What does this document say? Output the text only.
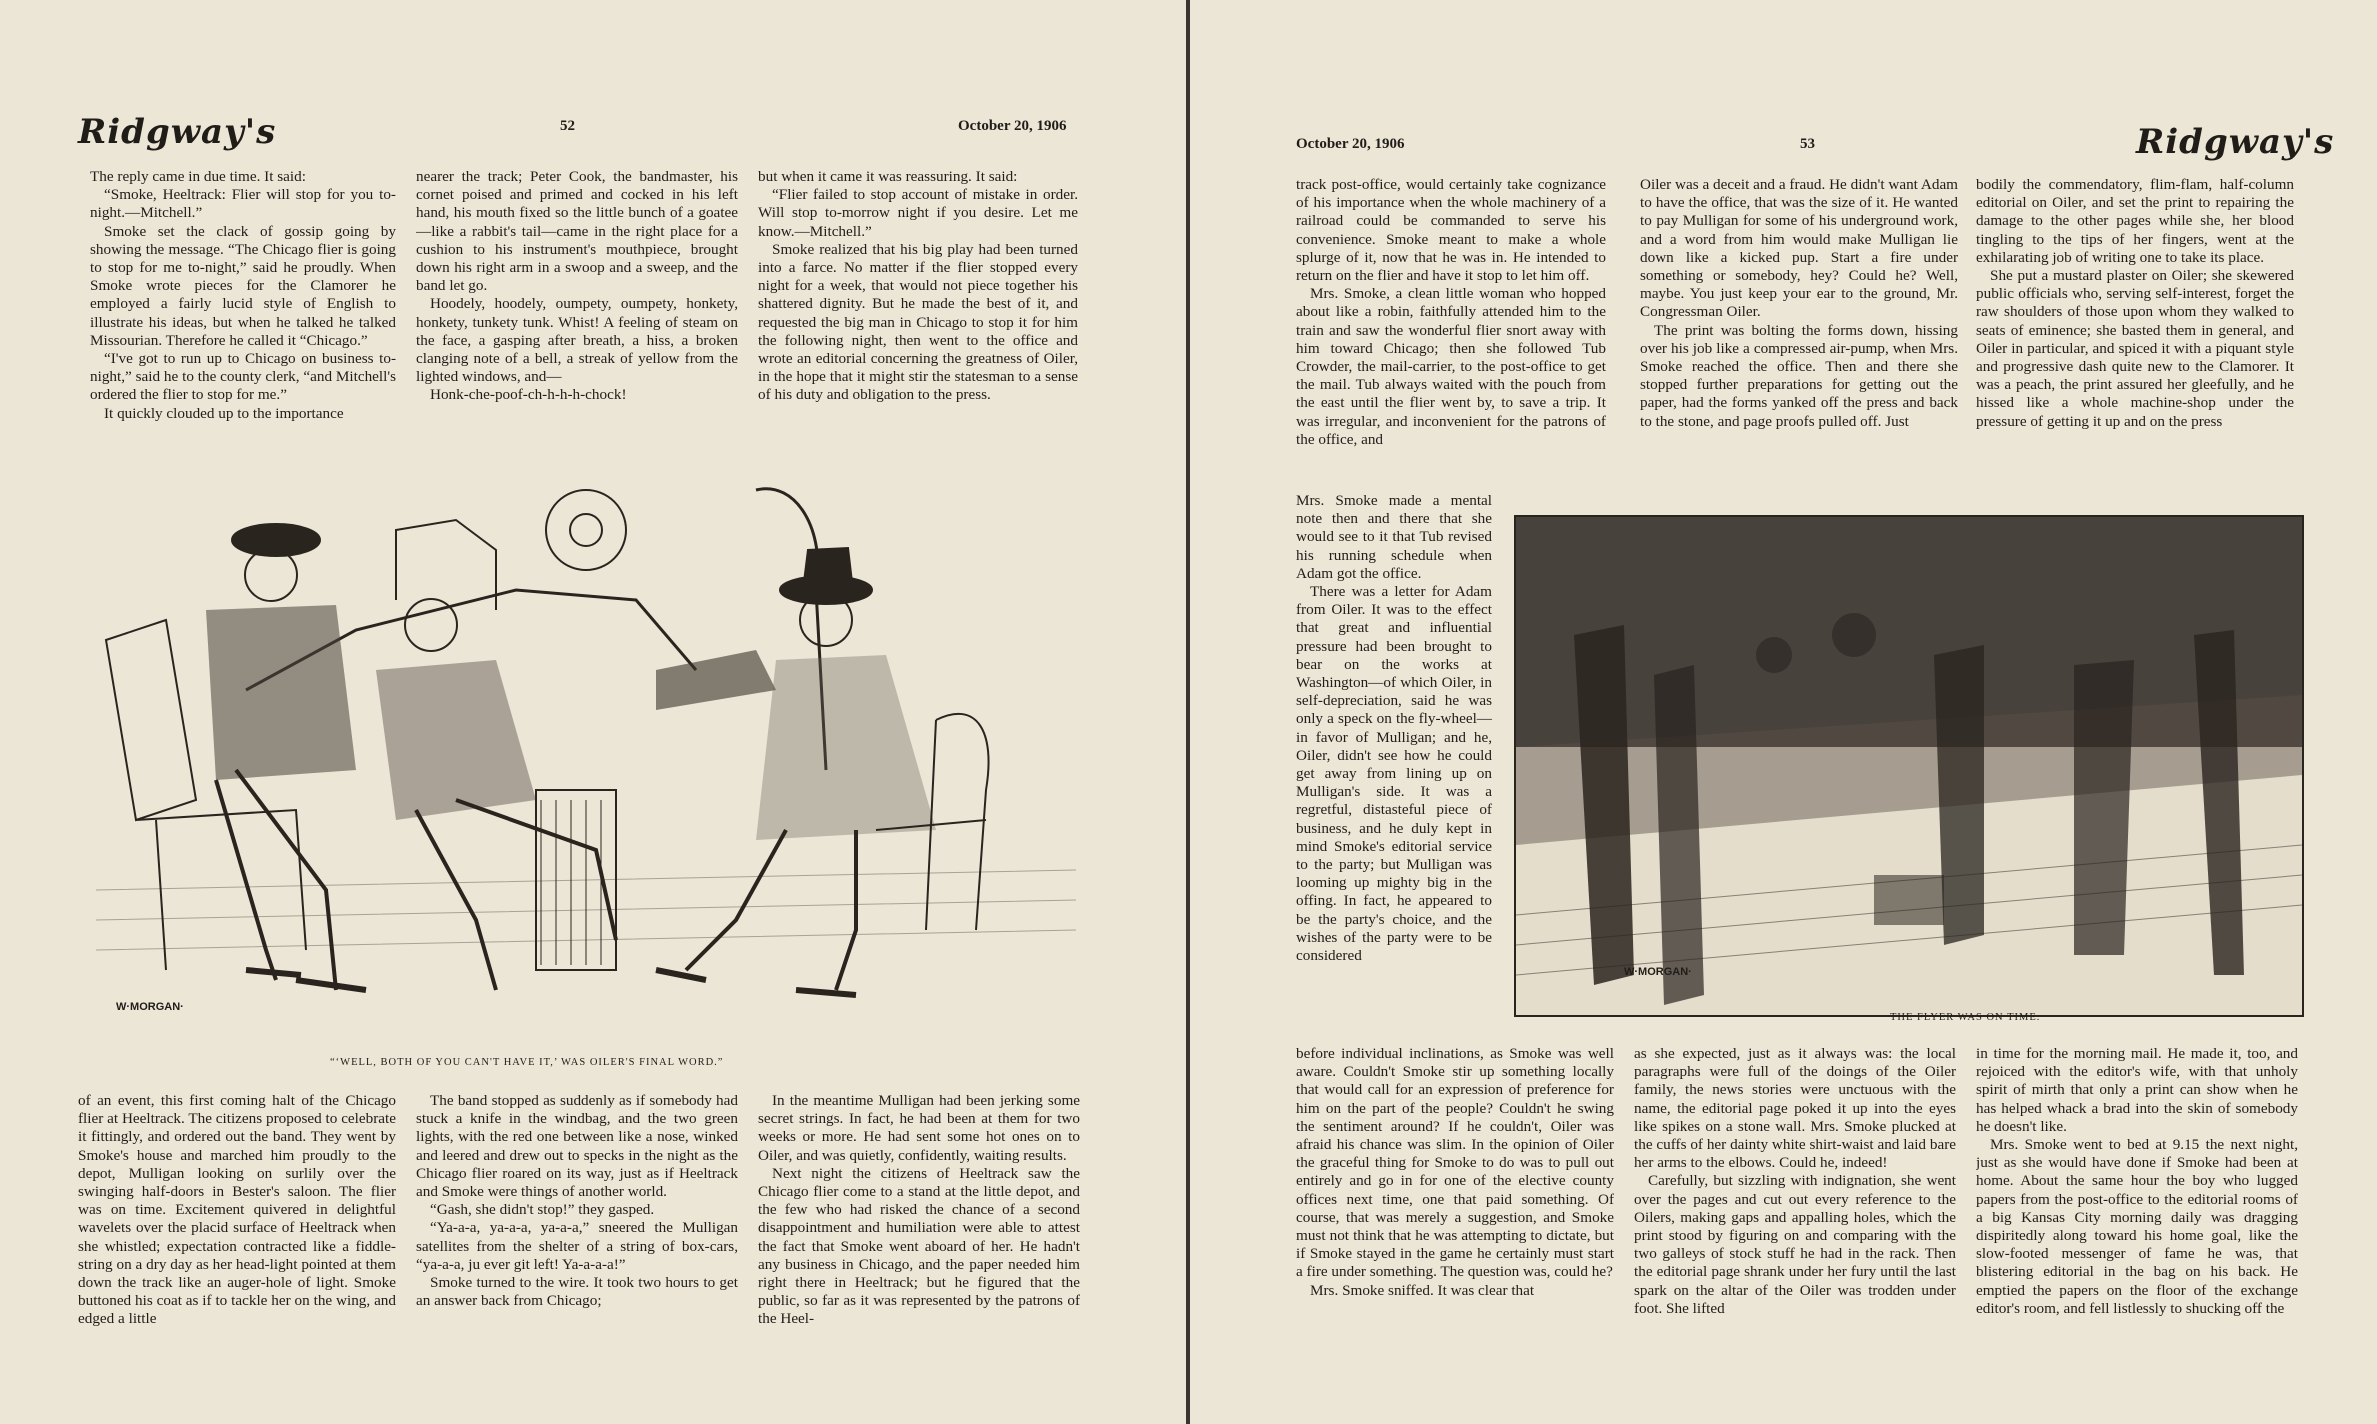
Ridgway's	52	October 20, 1906

The reply came in due time. It said:

“Smoke, Heeltrack: Flier will stop for you to-night.—Mitchell.”

Smoke set the clack of gossip going by showing the message. “The Chicago flier is going to stop for me to-night,” said he proudly. When Smoke wrote pieces for the Clamorer he employed a fairly lucid style of English to illustrate his ideas, but when he talked he talked Missourian. Therefore he called it “Chicago.”

“I've got to run up to Chicago on business to-night,” said he to the county clerk, “and Mitchell's ordered the flier to stop for me.”

It quickly clouded up to the importance

nearer the track; Peter Cook, the bandmaster, his cornet poised and primed and cocked in his left hand, his mouth fixed so the little bunch of a goatee—like a rabbit's tail—came in the right place for a cushion to his instrument's mouthpiece, brought down his right arm in a swoop and a sweep, and the band let go.

Hoodely, hoodely, oumpety, oumpety, honkety, honkety, tunkety tunk. Whist! A feeling of steam on the face, a gasping after breath, a hiss, a broken clanging note of a bell, a streak of yellow from the lighted windows, and—

Honk-che-poof-ch-h-h-h-chock!

but when it came it was reassuring. It said:

“Flier failed to stop account of mistake in order. Will stop to-morrow night if you desire. Let me know.—Mitchell.”

Smoke realized that his big play had been turned into a farce. No matter if the flier stopped every night for a week, that would not piece together his shattered dignity. But he made the best of it, and requested the big man in Chicago to stop it for him the following night, then went to the office and wrote an editorial concerning the greatness of Oiler, in the hope that it might stir the statesman to a sense of his duty and obligation to the press.

W·MORGAN·
“‘WELL, BOTH OF YOU CAN'T HAVE IT,’ WAS OILER'S FINAL WORD.”

of an event, this first coming halt of the Chicago flier at Heeltrack. The citizens proposed to celebrate it fittingly, and ordered out the band. They went by Smoke's house and marched him proudly to the depot, Mulligan looking on surlily over the swinging half-doors in Bester's saloon. The flier was on time. Excitement quivered in delightful wavelets over the placid surface of Heeltrack when she whistled; expectation contracted like a fiddle-string on a dry day as her head-light pointed at them down the track like an auger-hole of light. Smoke buttoned his coat as if to tackle her on the wing, and edged a little

The band stopped as suddenly as if somebody had stuck a knife in the windbag, and the two green lights, with the red one between like a nose, winked and leered and drew out to specks in the night as the Chicago flier roared on its way, just as if Heeltrack and Smoke were things of another world.

“Gash, she didn't stop!” they gasped.

“Ya-a-a, ya-a-a, ya-a-a,” sneered the Mulligan satellites from the shelter of a string of box-cars, “ya-a-a, ju ever git left! Ya-a-a-a!”

Smoke turned to the wire. It took two hours to get an answer back from Chicago;

In the meantime Mulligan had been jerking some secret strings. In fact, he had been at them for two weeks or more. He had sent some hot ones on to Oiler, and was quietly, confidently, waiting results.

Next night the citizens of Heeltrack saw the Chicago flier come to a stand at the little depot, and the few who had risked the chance of a second disappointment and humiliation were able to attest the fact that Smoke went aboard of her. He hadn't any business in Chicago, and the paper needed him right there in Heeltrack; but he figured that the public, so far as it was represented by the patrons of the Heel-

October 20, 1906	53	Ridgway's

track post-office, would certainly take cognizance of his importance when the whole machinery of a railroad could be commanded to serve his convenience. Smoke meant to make a whole splurge of it, now that he was in. He intended to return on the flier and have it stop to let him off.

Mrs. Smoke, a clean little woman who hopped about like a robin, faithfully attended him to the train and saw the wonderful flier snort away with him toward Chicago; then she followed Tub Crowder, the mail-carrier, to the post-office to get the mail. Tub always waited with the pouch from the east until the flier went by, to save a trip. It was irregular, and inconvenient for the patrons of the office, and

Oiler was a deceit and a fraud. He didn't want Adam to have the office, that was the size of it. He wanted to pay Mulligan for some of his underground work, and a word from him would make Mulligan lie down like a kicked pup. Start a fire under something or somebody, hey? Could he? Well, maybe. You just keep your ear to the ground, Mr. Congressman Oiler.

The print was bolting the forms down, hissing over his job like a compressed air-pump, when Mrs. Smoke reached the office. Then and there she stopped further preparations for getting out the paper, had the forms yanked off the press and back to the stone, and page proofs pulled off. Just

bodily the commendatory, flim-flam, half-column editorial on Oiler, and set the print to repairing the damage to the other pages while she, her blood tingling to the tips of her fingers, went at the exhilarating job of writing one to take its place.

She put a mustard plaster on Oiler; she skewered public officials who, serving self-interest, forget the raw shoulders of those upon whom they walked to seats of eminence; she basted them in general, and Oiler in particular, and spiced it with a piquant style and progressive dash quite new to the Clamorer. It was a peach, the print assured her gleefully, and he hissed like a whole machine-shop under the pressure of getting it up and on the press

Mrs. Smoke made a mental note then and there that she would see to it that Tub revised his running schedule when Adam got the office.

There was a letter for Adam from Oiler. It was to the effect that great and influential pressure had been brought to bear on the works at Washington—of which Oiler, in self-depreciation, said he was only a speck on the fly-wheel—in favor of Mulligan; and he, Oiler, didn't see how he could get away from lining up on Mulligan's side. It was a regretful, distasteful piece of business, and he duly kept in mind Smoke's editorial service to the party; but Mulligan was looming up mighty big in the offing. In fact, he appeared to be the party's choice, and the wishes of the party were to be considered

W·MORGAN·
THE FLYER WAS ON TIME.

before individual inclinations, as Smoke was well aware. Couldn't Smoke stir up something locally that would call for an expression of preference for him on the part of the people? Couldn't he swing the sentiment around? If he couldn't, Oiler was afraid his chance was slim. In the opinion of Oiler the graceful thing for Smoke to do was to pull out entirely and go in for one of the elective county offices next time, one that paid something. Of course, that was merely a suggestion, and Smoke must not think that he was attempting to dictate, but if Smoke stayed in the game he certainly must start a fire under something. The question was, could he?

Mrs. Smoke sniffed. It was clear that

as she expected, just as it always was: the local paragraphs were full of the doings of the Oiler family, the news stories were unctuous with the name, the editorial page poked it up into the eyes like spikes on a stone wall. Mrs. Smoke plucked at the cuffs of her dainty white shirt-waist and laid bare her arms to the elbows. Could he, indeed!

Carefully, but sizzling with indignation, she went over the pages and cut out every reference to the Oilers, making gaps and appalling holes, which the print stood by figuring on and comparing with the two galleys of stock stuff he had in the rack. Then the editorial page shrank under her fury until the last spark on the altar of the Oiler was trodden under foot. She lifted

in time for the morning mail. He made it, too, and rejoiced with the editor's wife, with that unholy spirit of mirth that only a print can show when he has helped whack a brad into the skin of somebody he doesn't like.

Mrs. Smoke went to bed at 9.15 the next night, just as she would have done if Smoke had been at home. About the same hour the boy who lugged papers from the post-office to the editorial rooms of a big Kansas City morning daily was dragging dispiritedly along toward his home goal, like the slow-footed messenger of fame he was, that blistering editorial in the bag on his back. He emptied the papers on the floor of the exchange editor's room, and fell listlessly to shucking off the
